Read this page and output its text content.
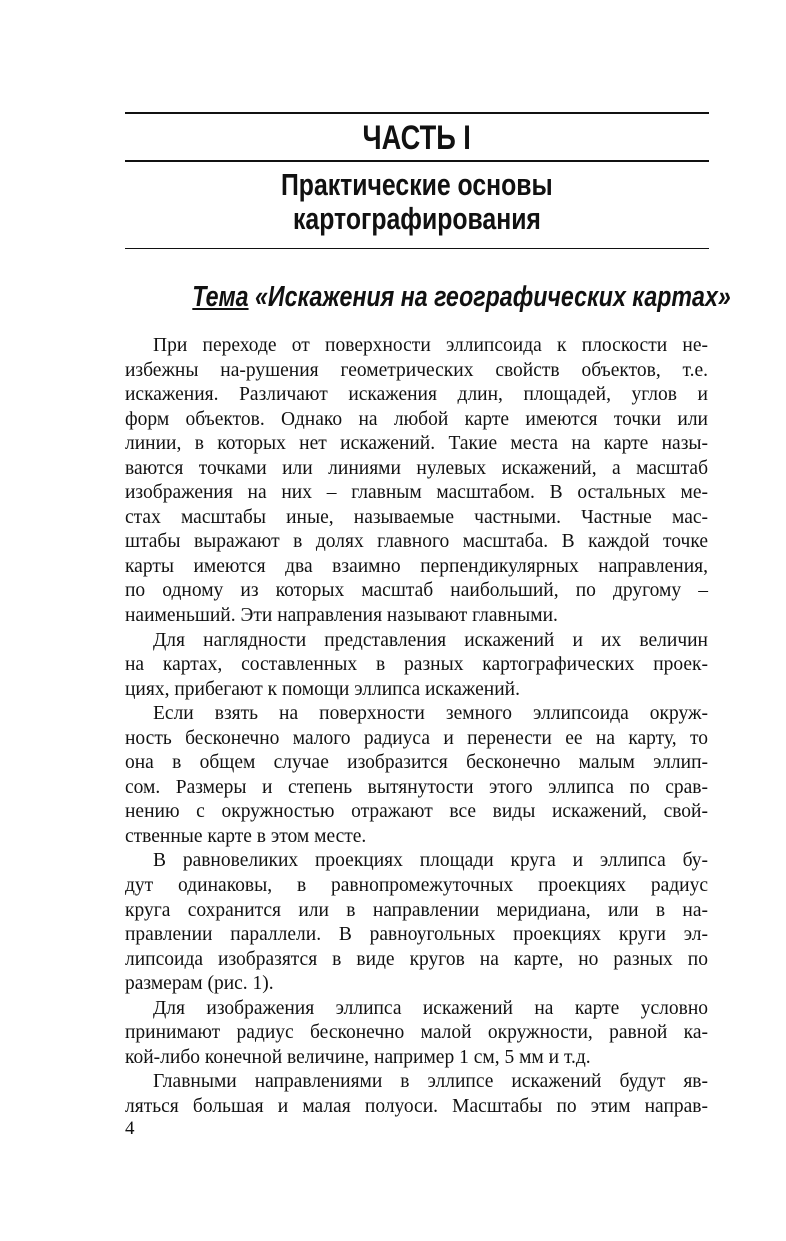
ЧАСТЬ I
Практические основы
картографирования
Тема «Искажения на географических картах»
При переходе от поверхности эллипсоида к плоскости не-
избежны на-рушения геометрических свойств объектов, т.е.
искажения. Различают искажения длин, площадей, углов и
форм объектов. Однако на любой карте имеются точки или
линии, в которых нет искажений. Такие места на карте назы-
ваются точками или линиями нулевых искажений, а масштаб
изображения на них – главным масштабом. В остальных ме-
стах масштабы иные, называемые частными. Частные мас-
штабы выражают в долях главного масштаба. В каждой точке
карты имеются два взаимно перпендикулярных направления,
по одному из которых масштаб наибольший, по другому –
наименьший. Эти направления называют главными.
Для наглядности представления искажений и их величин
на картах, составленных в разных картографических проек-
циях, прибегают к помощи эллипса искажений.
Если взять на поверхности земного эллипсоида окруж-
ность бесконечно малого радиуса и перенести ее на карту, то
она в общем случае изобразится бесконечно малым эллип-
сом. Размеры и степень вытянутости этого эллипса по срав-
нению с окружностью отражают все виды искажений, свой-
ственные карте в этом месте.
В равновеликих проекциях площади круга и эллипса бу-
дут одинаковы, в равнопромежуточных проекциях радиус
круга сохранится или в направлении меридиана, или в на-
правлении параллели. В равноугольных проекциях круги эл-
липсоида изобразятся в виде кругов на карте, но разных по
размерам (рис. 1).
Для изображения эллипса искажений на карте условно
принимают радиус бесконечно малой окружности, равной ка-
кой-либо конечной величине, например 1 см, 5 мм и т.д.
Главными направлениями в эллипсе искажений будут яв-
ляться большая и малая полуоси. Масштабы по этим направ-
4
